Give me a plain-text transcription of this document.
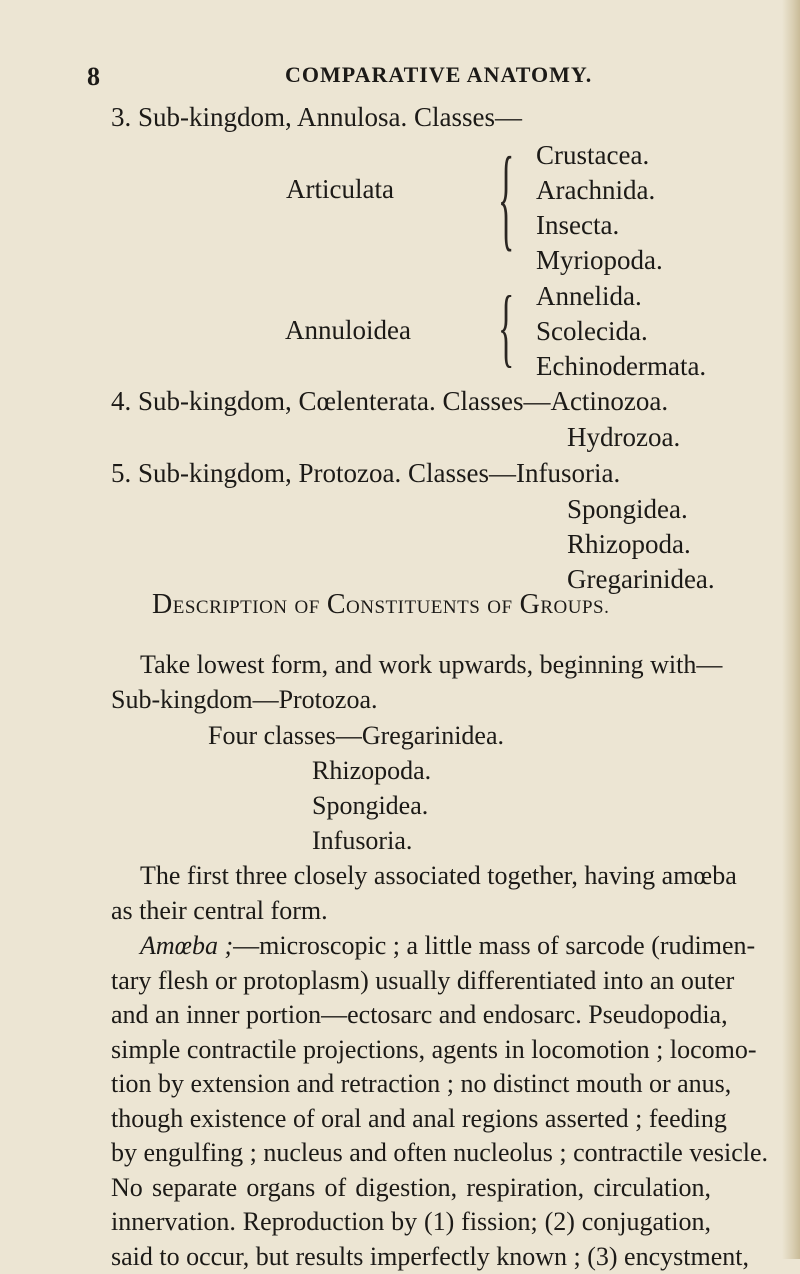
8	COMPARATIVE ANATOMY.
3. Sub-kingdom, Annulosa. Classes—
Articulata	{ Crustacea.
Arachnida.
Insecta.
Myriopoda.
Annuloidea	{ Annelida.
Scolecida.
Echinodermata.
4. Sub-kingdom, Cœlenterata. Classes—Actinozoa.
Hydrozoa.
5. Sub-kingdom, Protozoa. Classes—Infusoria.
Spongidea.
Rhizopoda.
Gregarinidea.
DESCRIPTION OF CONSTITUENTS OF GROUPS.
Take lowest form, and work upwards, beginning with—
Sub-kingdom—Protozoa.
Four classes—Gregarinidea.
Rhizopoda.
Spongidea.
Infusoria.
The first three closely associated together, having amœba
as their central form.
Amœba ;—microscopic ; a little mass of sarcode (rudimen-
tary flesh or protoplasm) usually differentiated into an outer
and an inner portion—ectosarc and endosarc. Pseudopodia,
simple contractile projections, agents in locomotion ; locomo-
tion by extension and retraction ; no distinct mouth or anus,
though existence of oral and anal regions asserted ; feeding
by engulfing ; nucleus and often nucleolus ; contractile vesicle.
No separate organs of digestion, respiration, circulation,
innervation. Reproduction by (1) fission; (2) conjugation,
said to occur, but results imperfectly known ; (3) encystment,
